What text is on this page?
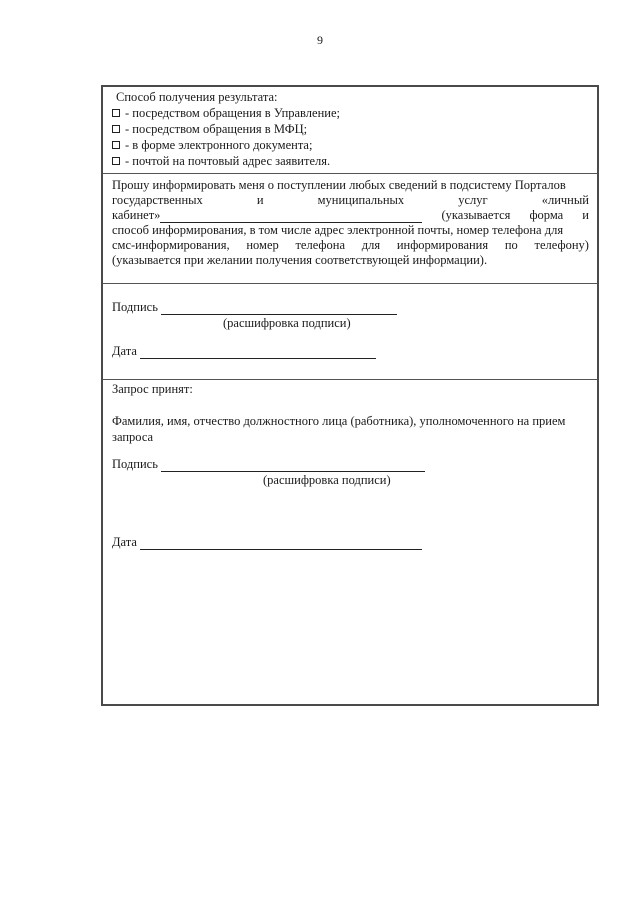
9
Способ получения результата:
- посредством обращения в Управление;
- посредством обращения в МФЦ;
- в форме электронного документа;
- почтой на почтовый адрес заявителя.
Прошу информировать меня о поступлении любых сведений в подсистему Порталов
государственных	и	муниципальных	услуг	«личный
кабинет»	(указывается форма и
способ информирования, в том числе адрес электронной почты, номер телефона для
смс-информирования, номер телефона для информирования по телефону)
(указывается при желании получения соответствующей информации).
Подпись
(расшифровка подписи)
Дата
Запрос принят:
Фамилия, имя, отчество должностного лица (работника), уполномоченного на прием
запроса
Подпись
(расшифровка подписи)
Дата
